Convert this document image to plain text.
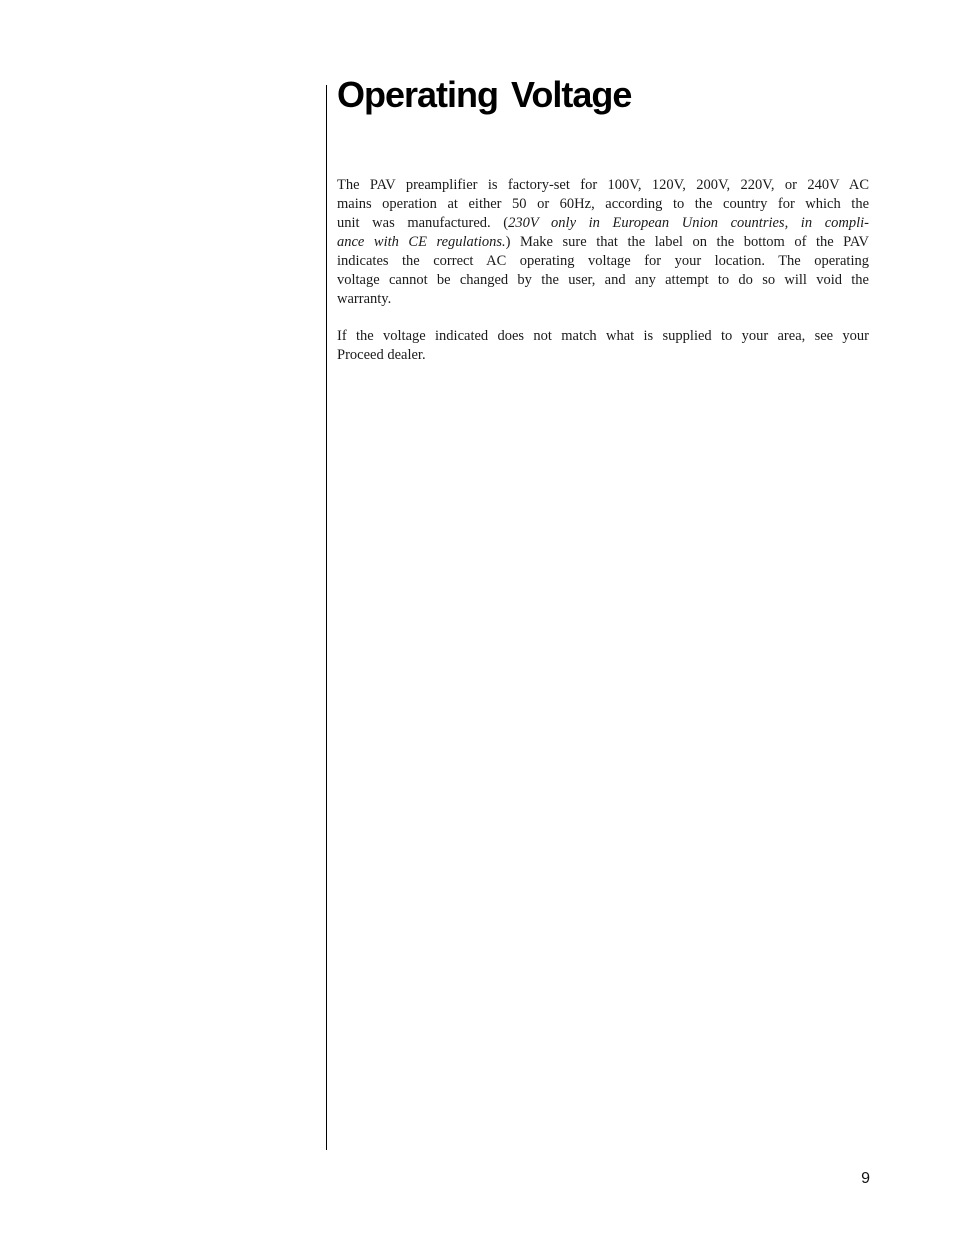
Operating Voltage

The PAV preamplifier is factory-set for 100V, 120V, 200V, 220V, or 240V AC
mains operation at either 50 or 60Hz, according to the country for which the
unit was manufactured. (230V only in European Union countries, in compli-
ance with CE regulations.) Make sure that the label on the bottom of the PAV
indicates the correct AC operating voltage for your location. The operating
voltage cannot be changed by the user, and any attempt to do so will void the
warranty.

If the voltage indicated does not match what is supplied to your area, see your
Proceed dealer.

9
